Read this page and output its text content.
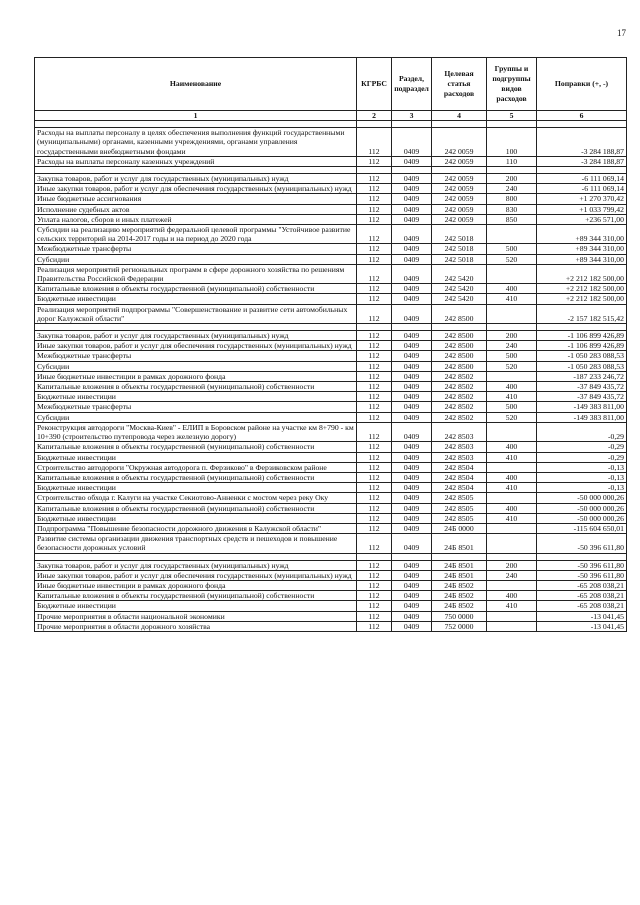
17
Наименование	КГРБС	Раздел, подраздел	Целевая статья расходов	Группы и подгруппы видов расходов	Поправки (+, -)
1	2	3	4	5	6

Расходы на выплаты персоналу в целях обеспечения выполнения функций государственными (муниципальными) органами, казенными учреждениями, органами управления государственными внебюджетными фондами	112	0409	242 0059	100	-3 284 188,87
Расходы на выплаты персоналу казенных учреждений	112	0409	242 0059	110	-3 284 188,87

Закупка товаров, работ и услуг для государственных (муниципальных) нужд	112	0409	242 0059	200	-6 111 069,14
Иные закупки товаров, работ и услуг для обеспечения государственных (муниципальных) нужд	112	0409	242 0059	240	-6 111 069,14
Иные бюджетные ассигнования	112	0409	242 0059	800	+1 270 370,42
Исполнение судебных актов	112	0409	242 0059	830	+1 033 799,42
Уплата налогов, сборов и иных платежей	112	0409	242 0059	850	+236 571,00
Субсидии на реализацию мероприятий федеральной целевой программы "Устойчивое развитие сельских территорий на 2014-2017 годы и на период до 2020 года	112	0409	242 5018		+89 344 310,00
Межбюджетные трансферты	112	0409	242 5018	500	+89 344 310,00
Субсидии	112	0409	242 5018	520	+89 344 310,00
Реализация мероприятий региональных программ в сфере дорожного хозяйства по решениям Правительства Российской Федерации	112	0409	242 5420		+2 212 182 500,00
Капитальные вложения в объекты государственной (муниципальной) собственности	112	0409	242 5420	400	+2 212 182 500,00
Бюджетные инвестиции	112	0409	242 5420	410	+2 212 182 500,00
Реализация мероприятий подпрограммы "Совершенствование и развитие сети автомобильных дорог Калужской области"	112	0409	242 8500		-2 157 182 515,42

Закупка товаров, работ и услуг для государственных (муниципальных) нужд	112	0409	242 8500	200	-1 106 899 426,89
Иные закупки товаров, работ и услуг для обеспечения государственных (муниципальных) нужд	112	0409	242 8500	240	-1 106 899 426,89
Межбюджетные трансферты	112	0409	242 8500	500	-1 050 283 088,53
Субсидии	112	0409	242 8500	520	-1 050 283 088,53
Иные бюджетные инвестиции в рамках дорожного фонда	112	0409	242 8502		-187 233 246,72
Капитальные вложения в объекты государственной (муниципальной) собственности	112	0409	242 8502	400	-37 849 435,72
Бюджетные инвестиции	112	0409	242 8502	410	-37 849 435,72
Межбюджетные трансферты	112	0409	242 8502	500	-149 383 811,00
Субсидии	112	0409	242 8502	520	-149 383 811,00
Реконструкция автодороги "Москва-Киев" - ЕЛИП в Боровском районе на участке км 8+790 - км 10+390 (строительство путепровода через железную дорогу)	112	0409	242 8503		-0,29
Капитальные вложения в объекты государственной (муниципальной) собственности	112	0409	242 8503	400	-0,29
Бюджетные инвестиции	112	0409	242 8503	410	-0,29
Строительство автодороги "Окружная автодорога п. Ферзиково" в Ферзиковском районе	112	0409	242 8504		-0,13
Капитальные вложения в объекты государственной (муниципальной) собственности	112	0409	242 8504	400	-0,13
Бюджетные инвестиции	112	0409	242 8504	410	-0,13
Строительство обхода г. Калуги на участке Секиотово-Анненки с мостом через реку Оку	112	0409	242 8505		-50 000 000,26
Капитальные вложения в объекты государственной (муниципальной) собственности	112	0409	242 8505	400	-50 000 000,26
Бюджетные инвестиции	112	0409	242 8505	410	-50 000 000,26
Подпрограмма "Повышение безопасности дорожного движения в Калужской области"	112	0409	24Б 0000		-115 604 650,01
Развитие системы организации движения транспортных средств и пешеходов и повышение безопасности дорожных условий	112	0409	24Б 8501		-50 396 611,80

Закупка товаров, работ и услуг для государственных (муниципальных) нужд	112	0409	24Б 8501	200	-50 396 611,80
Иные закупки товаров, работ и услуг для обеспечения государственных (муниципальных) нужд	112	0409	24Б 8501	240	-50 396 611,80
Иные бюджетные инвестиции в рамках дорожного фонда	112	0409	24Б 8502		-65 208 038,21
Капитальные вложения в объекты государственной (муниципальной) собственности	112	0409	24Б 8502	400	-65 208 038,21
Бюджетные инвестиции	112	0409	24Б 8502	410	-65 208 038,21
Прочие мероприятия в области национальной экономики	112	0409	750 0000		-13 041,45
Прочие мероприятия в области дорожного хозяйства	112	0409	752 0000		-13 041,45
